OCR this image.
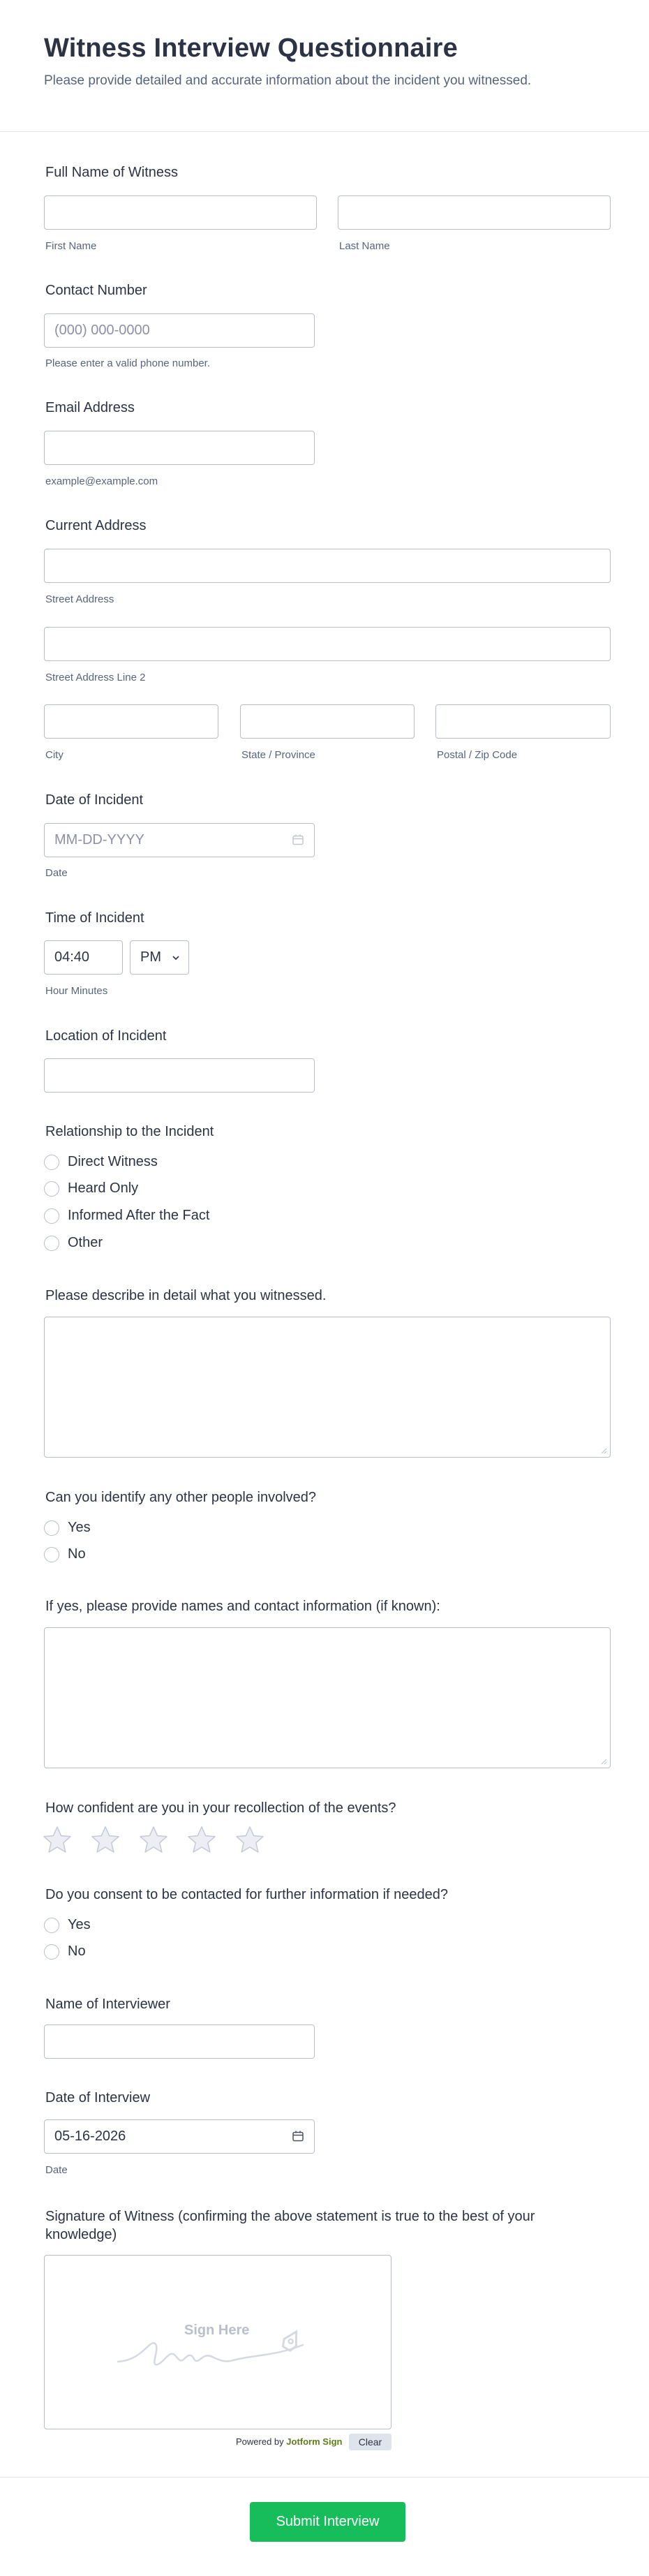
Witness Interview Questionnaire
Please provide detailed and accurate information about the incident you witnessed.
Full Name of Witness
First Name	Last Name
Contact Number
(000) 000-0000
Please enter a valid phone number.
Email Address
example@example.com
Current Address
Street Address
Street Address Line 2
City	State / Province	Postal / Zip Code
Date of Incident
MM-DD-YYYY
Date
Time of Incident
04:40	PM
Hour Minutes
Location of Incident
Relationship to the Incident
Direct Witness
Heard Only
Informed After the Fact
Other
Please describe in detail what you witnessed.
Can you identify any other people involved?
Yes
No
If yes, please provide names and contact information (if known):
How confident are you in your recollection of the events?
Do you consent to be contacted for further information if needed?
Yes
No
Name of Interviewer
Date of Interview
05-16-2026
Date
Signature of Witness (confirming the above statement is true to the best of your knowledge)
Sign Here
Powered by Jotform Sign	Clear
Submit Interview
